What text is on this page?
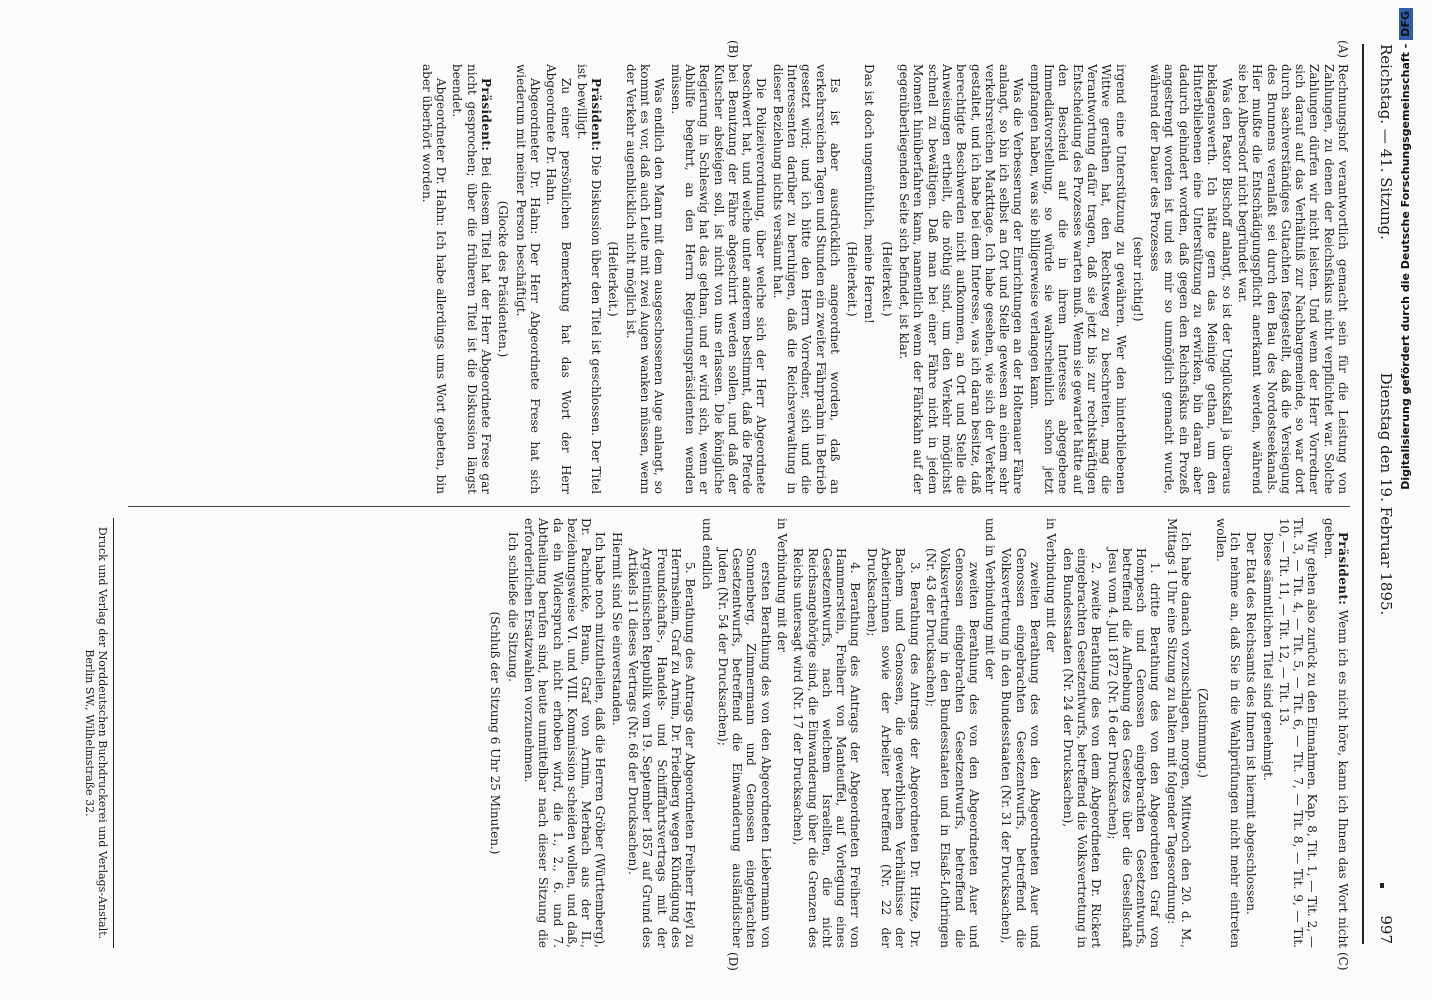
Reichstag. — 41. Sitzung.
Dienstag den 19. Februar 1895.
997
(A)
(B)

Rechnungshof verantwortlich gemacht sein für die Leistung von Zahlungen, zu denen der Reichsfiskus nicht verpflichtet war. Solche Zahlungen dürfen wir nicht leisten. Und wenn der Herr Vorredner sich darauf auf das Verhältniß zur Nachbargemeinde, so war dort durch sachverständiges Gutachten festgestellt, daß die Versiegung des Brunnens veranlaßt sei durch den Bau des Nordostseekanals. Hier mußte die Entschädigungspflicht anerkannt werden, während sie bei Albersdorf nicht begründet war.

Was den Pastor Bischoff anlangt, so ist der Unglücksfall ja überaus beklagenswerth. Ich hätte gern das Meinige gethan, um den Hinterbliebenen eine Unterstützung zu erwirken, bin daran aber dadurch gehindert worden, daß gegen den Reichsfiskus ein Prozeß angestrengt worden ist und es mir so unmöglich gemacht wurde, während der Dauer des Prozesses

(sehr richtig!)

irgend eine Unterstützung zu gewähren. Wer den hinterbliebenen Wittwe gerathen hat, den Rechtsweg zu beschreiten, mag die Verantwortung dafür tragen, daß sie jetzt bis zur rechtskräftigen Entscheidung des Prozesses warten muß. Wenn sie gewartet hätte auf den Bescheid auf die in ihrem Interesse abgegebene Immediatvorstellung, so würde sie wahrscheinlich schon jetzt empfangen haben, was sie billigerweise verlangen kann.

Was die Verbesserung der Einrichtungen an der Holtenauer Fähre anlangt, so bin ich selbst an Ort und Stelle gewesen an einem sehr verkehrsreichen Markttage. Ich habe gesehen, wie sich der Verkehr gestaltet, und ich habe bei dem Interesse, was ich daran besitze, daß berechtigte Beschwerden nicht aufkommen, an Ort und Stelle die Anweisungen ertheilt, die nöthig sind, um den Verkehr möglichst schnell zu bewältigen. Daß man bei einer Fähre nicht in jedem Moment hinüberfahren kann, namentlich wenn der Fährkahn auf der gegenüberliegenden Seite sich befindet, ist klar.

(Heiterkeit.)

Das ist doch ungemüthlich, meine Herren!

(Heiterkeit.)

Es ist aber ausdrücklich angeordnet worden, daß an verkehrsreichen Tagen und Stunden ein zweiter Fährprahm in Betrieb gesetzt wird; und ich bitte den Herrn Vorredner, sich und die Interessenten darüber zu beruhigen, daß die Reichsverwaltung in dieser Beziehung nichts versäumt hat.

Die Polizeiverordnung, über welche sich der Herr Abgeordnete beschwert hat, und welche unter anderem bestimmt, daß die Pferde bei Benutzung der Fähre abgeschirrt werden sollen, und daß der Kutscher absteigen soll, ist nicht von uns erlassen. Die königliche Regierung in Schleswig hat das gethan, und er wird sich, wenn er Abhilfe begehrt, an den Herrn Regierungspräsidenten wenden müssen.

Was endlich den Mann mit dem ausgeschossenen Auge anlangt, so kommt es vor, daß auch Leute mit zwei Augen wanken müssen, wenn der Verkehr augenblicklich nicht möglich ist.

(Heiterkeit.)

Präsident: Die Diskussion über den Titel ist geschlossen. Der Titel ist bewilligt.

Zu einer persönlichen Bemerkung hat das Wort der Herr Abgeordnete Dr. Hahn.

Abgeordneter Dr. Hahn: Der Herr Abgeordnete Frese hat sich wiederum mit meiner Person beschäftigt.

(Glocke des Präsidenten.)

Präsident: Bei diesem Titel hat der Herr Abgeordnete Frese gar nicht gesprochen; über die früheren Titel ist die Diskussion längst beendet.

Abgeordneter Dr. Hahn: Ich habe allerdings ums Wort gebeten, bin aber überhört worden.

(C)
(D)

Präsident: Wenn ich es nicht höre, kann ich Ihnen das Wort nicht geben.

Wir gehen also zurück zu den Einnahmen. Kap. 8, Tit. 1, — Tit. 2, — Tit. 3, — Tit. 4, — Tit. 5, — Tit. 6, — Tit. 7, — Tit. 8, — Tit. 9, — Tit. 10, — Tit. 11, — Tit. 12, — Tit. 13.

Diese sämmtlichen Titel sind genehmigt.

Der Etat des Reichsamts des Innern ist hiermit abgeschlossen.

Ich nehme an, daß Sie in die Wahlprüfungen nicht mehr eintreten wollen.

(Zustimmung.)

Ich habe danach vorzuschlagen, morgen, Mittwoch den 20. d. M., Mittags 1 Uhr eine Sitzung zu halten mit folgender Tagesordnung:

1. dritte Berathung des von den Abgeordneten Graf von Hompesch und Genossen eingebrachten Gesetzentwurfs, betreffend die Aufhebung des Gesetzes über die Gesellschaft Jesu vom 4. Juli 1872 (Nr. 16 der Drucksachen);

2. zweite Berathung des von dem Abgeordneten Dr. Rickert eingebrachten Gesetzentwurfs, betreffend die Volksvertretung in den Bundesstaaten (Nr. 24 der Drucksachen),

in Verbindung mit der

zweiten Berathung des von den Abgeordneten Auer und Genossen eingebrachten Gesetzentwurfs, betreffend die Volksvertretung in den Bundesstaaten (Nr. 31 der Drucksachen),

und in Verbindung mit der

zweiten Berathung des von den Abgeordneten Auer und Genossen eingebrachten Gesetzentwurfs, betreffend die Volksvertretung in den Bundesstaaten und in Elsaß-Lothringen (Nr. 43 der Drucksachen);

3. Berathung des Antrags der Abgeordneten Dr. Hitze, Dr. Bachem und Genossen, die gewerblichen Verhältnisse der Arbeiterinnen sowie der Arbeiter betreffend (Nr. 22 der Drucksachen);

4. Berathung des Antrags der Abgeordneten Freiherr von Hammerstein, Freiherr von Manteuffel, auf Vorlegung eines Gesetzentwurfs, nach welchem Israeliten, die nicht Reichsangehörige sind, die Einwanderung über die Grenzen des Reichs untersagt wird (Nr. 17 der Drucksachen),

in Verbindung mit der

ersten Berathung des von den Abgeordneten Liebermann von Sonnenberg, Zimmermann und Genossen eingebrachten Gesetzentwurfs, betreffend die Einwanderung ausländischer Juden (Nr. 54 der Drucksachen);

und endlich

5. Berathung des Antrags der Abgeordneten Freiherr Heyl zu Herrnsheim, Graf zu Arnim, Dr. Friedberg wegen Kündigung des Freundschafts-, Handels- und Schifffahrtsvertrags mit der Argentinischen Republik vom 19. September 1857 auf Grund des Artikels 11 dieses Vertrags (Nr. 68 der Drucksachen).

Hiermit sind Sie einverstanden.

Ich habe noch mitzutheilen, daß die Herren Gröber (Württemberg), Dr. Pachnicke, Braun, Graf von Arnim, Merbach aus der II., beziehungsweise VI. und VIII. Kommission scheiden wollen, und daß, da ein Widerspruch nicht erhoben wird, die 1., 2., 6. und 7. Abtheilung berufen sind, heute unmittelbar nach dieser Sitzung die erforderlichen Ersatzwahlen vorzunehmen.

Ich schließe die Sitzung.

(Schluß der Sitzung 6 Uhr 25 Minuten.)

Druck und Verlag der Norddeutschen Buchdruckerei und Verlags-Anstalt.
Berlin SW., Wilhelmstraße 32.
Digitalisierung gefördert durch die Deutsche Forschungsgemeinschaft -DFG
